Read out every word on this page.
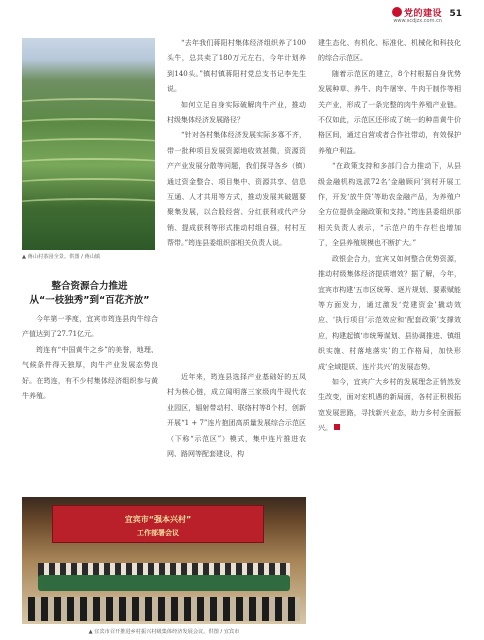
党的建设
www.scdjzx.com.cn
51
▲ 蒋山村茶园全景。供图 / 蒋山镇
整合资源合力推进
从“一枝独秀”到“百花齐放”

今年第一季度，宜宾市筠连县肉牛综合产值达到了27.71亿元。

筠连有“中国黄牛之乡”的美誉，地理、气候条件得天独厚，肉牛产业发展态势良好。在筠连，有不少村集体经济组织参与黄牛养殖。

“去年我们蒋阳村集体经济组织养了100头牛，总共卖了180万元左右，今年计划养到140头。”镇村镇蒋阳村党总支书记李先生说。

如何立足自身实际破解肉牛产业，推动村级集体经济发展路径？

“针对各村集体经济发展实际多寡不齐，带一批种项目发展资源地收效甚微，资源资产产业发展分散等问题，我们探寻各乡（镇）通过资金整合、项目集中、资源共享、信息互通、人才共用等方式，推动发展其破题要聚集发展，以合股经营、分红获利或代产分销、提成获利等形式推动村组自强，村村互帮带。”筠连县委组织部相关负责人说。

近年来，筠连县选择产业基础好的五凤村为核心链，成立闻明落三家级肉牛现代农业园区，辐射带动村、联络村等8个村，创新开展“1 + 7”连片抱团高质量发展综合示范区（下称“示范区”）模式，集中连片推进农网、路网等配套建设，构

建生态化、有机化、标准化、机械化和科技化的综合示范区。

随着示范区的建立，8个村根据自身优势发展种草、养牛、肉牛屠宰、牛肉干制作等相关产业，形成了一条完整的肉牛养殖产业链。不仅如此，示范区还形成了统一的种苗黄牛价格区间，通过自营或者合作社带动，有效保护养殖户利益。

“在政策支持和多部门合力推动下，从县级金融机构选派72名‘金融顾问’到村开展工作，开发‘放牛贷’等助农金融产品，为养殖户全方位提供金融政策和支持。”筠连县委组织部相关负责人表示，“示范户的牛存栏也增加了，全县养殖规模也不断扩大。”

政银企合力，宜宾又如何整合优势资源，推动村级集体经济提质增效？据了解，今年，宜宾市构建‘五市区统筹、逐片规划、要素赋能等方面发力，通过激发‘党建资金’撬动效应、‘执行项目’示范效应和‘配套政策’支撑效应，构建起镇‘市统筹谋划、县协调推进、镇组织实施、村落地落实’的工作格局，加快形成‘全域提质、连片共兴’的发展态势。

如今，宜宾广大乡村的发展理念正悄然发生改变，面对宏机遇的新局面，各村正积极拓宽发展思路，寻找新兴业态，助力乡村全面振兴。

宜宾市“强本兴村”
工作部署会议
▲ 宜宾市召开推进乡村振兴村级集体经济发展会议。供图 / 宜宾市
